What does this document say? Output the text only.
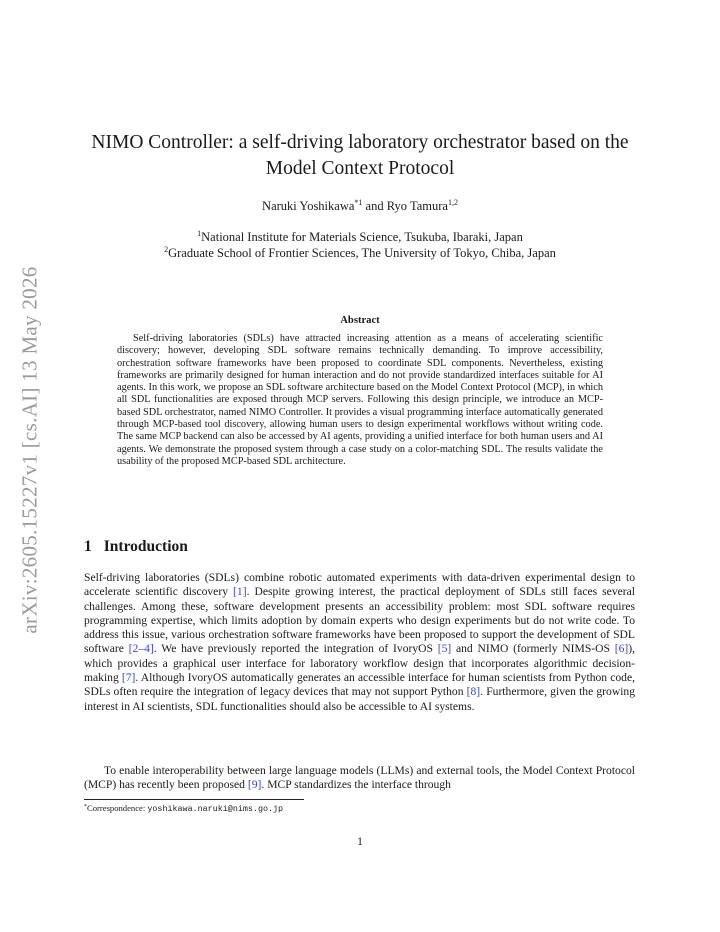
arXiv:2605.15227v1 [cs.AI] 13 May 2026
NIMO Controller: a self-driving laboratory orchestrator based on the Model Context Protocol
Naruki Yoshikawa$^{*1}$ and Ryo Tamura$^{1,2}$
$^1$National Institute for Materials Science, Tsukuba, Ibaraki, Japan
$^2$Graduate School of Frontier Sciences, The University of Tokyo, Chiba, Japan
Abstract
Self-driving laboratories (SDLs) have attracted increasing attention as a means of accelerating scientific discovery; however, developing SDL software remains technically demanding. To improve accessibility, orchestration software frameworks have been proposed to coordinate SDL components. Nevertheless, existing frameworks are primarily designed for human interaction and do not provide standardized interfaces suitable for AI agents. In this work, we propose an SDL software architecture based on the Model Context Protocol (MCP), in which all SDL functionalities are exposed through MCP servers. Following this design principle, we introduce an MCP-based SDL orchestrator, named NIMO Controller. It provides a visual programming interface automatically generated through MCP-based tool discovery, allowing human users to design experimental workflows without writing code. The same MCP backend can also be accessed by AI agents, providing a unified interface for both human users and AI agents. We demonstrate the proposed system through a case study on a color-matching SDL. The results validate the usability of the proposed MCP-based SDL architecture.
1 Introduction

Self-driving laboratories (SDLs) combine robotic automated experiments with data-driven experimental design to accelerate scientific discovery [1]. Despite growing interest, the practical deployment of SDLs still faces several challenges. Among these, software development presents an accessibility problem: most SDL software requires programming expertise, which limits adoption by domain experts who design experiments but do not write code. To address this issue, various orchestration software frameworks have been proposed to support the development of SDL software [2–4]. We have previously reported the integration of IvoryOS [5] and NIMO (formerly NIMS-OS [6]), which provides a graphical user interface for laboratory workflow design that incorporates algorithmic decision-making [7]. Although IvoryOS automatically generates an accessible interface for human scientists from Python code, SDLs often require the integration of legacy devices that may not support Python [8]. Furthermore, given the growing interest in AI scientists, SDL functionalities should also be accessible to AI systems.

To enable interoperability between large language models (LLMs) and external tools, the Model Context Protocol (MCP) has recently been proposed [9]. MCP standardizes the interface through

*Correspondence: yoshikawa.naruki@nims.go.jp
1
